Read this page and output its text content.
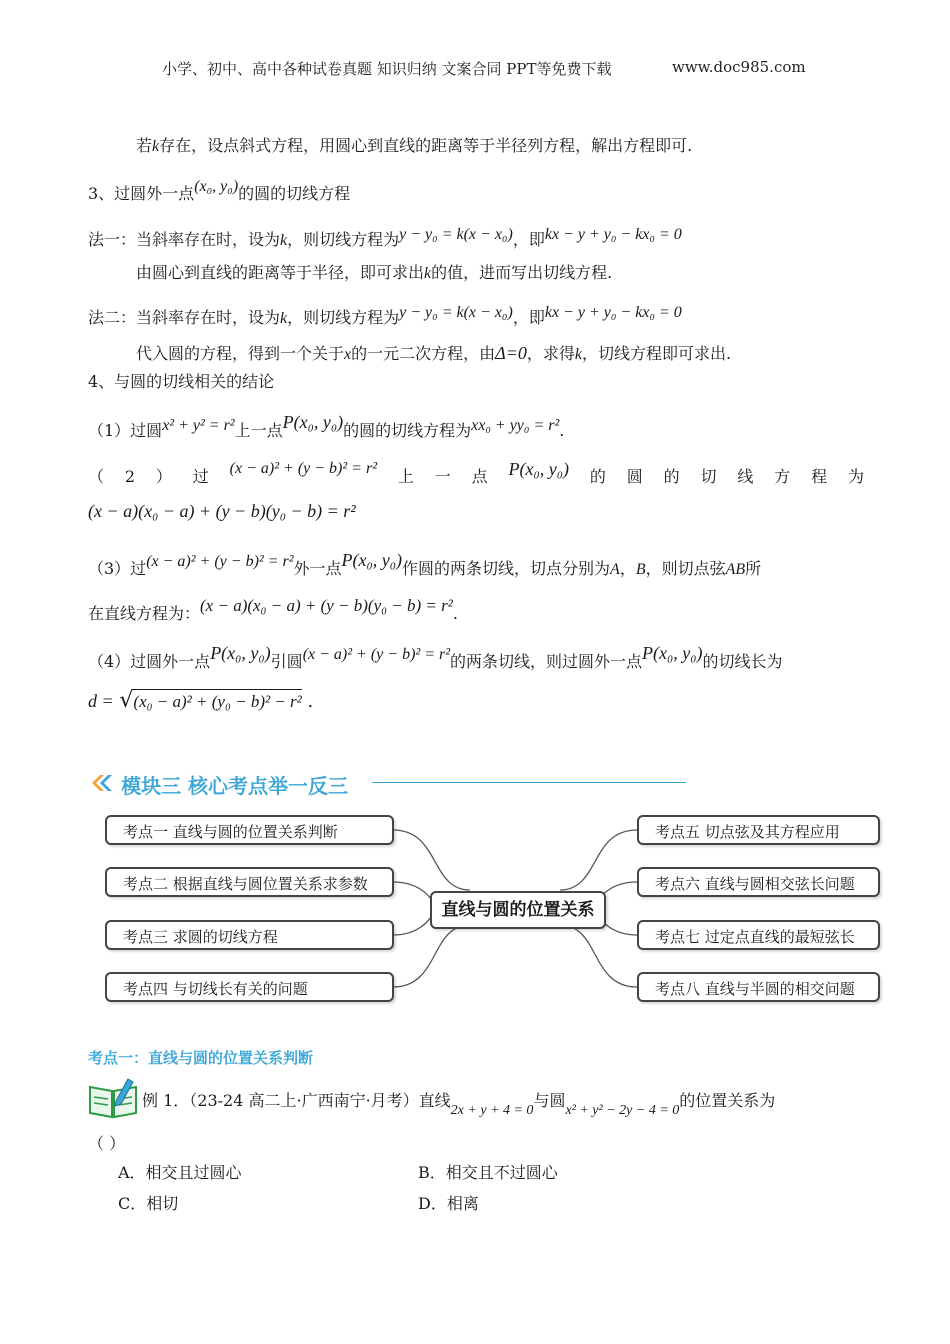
小学、初中、高中各种试卷真题 知识归纳 文案合同 PPT等免费下载	www.doc985.com
若k存在，设点斜式方程，用圆心到直线的距离等于半径列方程，解出方程即可.
3、过圆外一点(x₀, y₀)的圆的切线方程
法一：当斜率存在时，设为k，则切线方程为y − y₀ = k(x − x₀)，即kx − y + y₀ − kx₀ = 0
由圆心到直线的距离等于半径，即可求出k的值，进而写出切线方程.
法二：当斜率存在时，设为k，则切线方程为y − y₀ = k(x − x₀)，即kx − y + y₀ − kx₀ = 0
代入圆的方程，得到一个关于x的一元二次方程，由Δ=0，求得k，切线方程即可求出.
4、与圆的切线相关的结论
（1）过圆x² + y² = r²上一点P(x₀, y₀)的圆的切线方程为xx₀ + yy₀ = r².
（ 2 ） 过 (x − a)² + (y − b)² = r² 上 一 点 P(x₀, y₀) 的 圆 的 切 线 方 程 为
(x − a)(x₀ − a) + (y − b)(y₀ − b) = r²
（3）过(x − a)² + (y − b)² = r²外一点P(x₀, y₀)作圆的两条切线，切点分别为A，B，则切点弦AB所
在直线方程为：(x − a)(x₀ − a) + (y − b)(y₀ − b) = r².
（4）过圆外一点P(x₀, y₀)引圆(x − a)² + (y − b)² = r²的两条切线，则过圆外一点P(x₀, y₀)的切线长为
d = √(x₀ − a)² + (y₀ − b)² − r² .
模块三 核心考点举一反三
考点一 直线与圆的位置关系判断
考点二 根据直线与圆位置关系求参数
考点三 求圆的切线方程
考点四 与切线长有关的问题
直线与圆的位置关系
考点五 切点弦及其方程应用
考点六 直线与圆相交弦长问题
考点七 过定点直线的最短弦长
考点八 直线与半圆的相交问题
考点一：直线与圆的位置关系判断
例 1．（23-24 高二上·广西南宁·月考）直线2x + y + 4 = 0与圆x² + y² − 2y − 4 = 0的位置关系为
（ ）
A．相交且过圆心	B．相交且不过圆心
C．相切	D．相离
